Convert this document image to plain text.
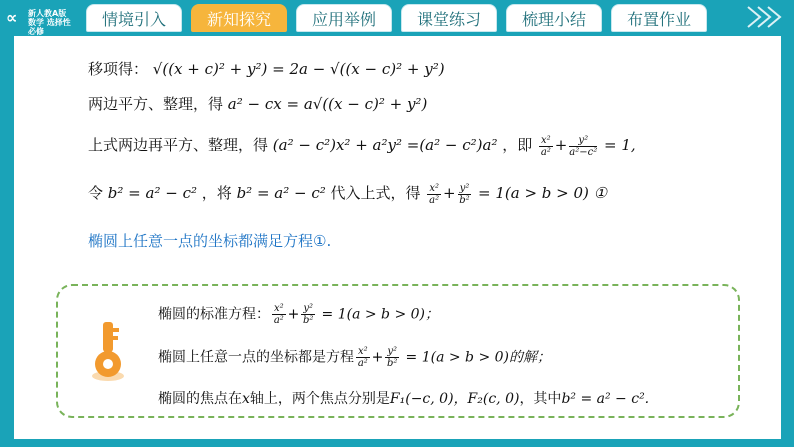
∝ 新人教A版
数学 选择性必修
情境引入	新知探究	应用举例	课堂练习	梳理小结	布置作业
移项得： √((x + c)² + y²) = 2a − √((x − c)² + y²)
两边平方、整理，得 a² − cx = a√((x − c)² + y²)
上式两边再平方、整理，得 (a² − c²)x² + a²y² =(a² − c²)a² ，即 $\frac{\text{x²}}{\text{a²}} + \frac{\text{y²}}{\text{a²−c²}} = 1$,
令 b² = a² − c² ，将 b² = a² − c² 代入上式，得 $\frac{\text{x²}}{\text{a²}} + \frac{\text{y²}}{\text{b²}} = 1(a > b > 0)$ ①
椭圆上任意一点的坐标都满足方程①.
椭圆的标准方程： $\frac{\text{x²}}{\text{a²}} + \frac{\text{y²}}{\text{b²}} = 1(a > b > 0)$；
椭圆上任意一点的坐标都是方程 $\frac{\text{x²}}{\text{a²}} + \frac{\text{y²}}{\text{b²}} = 1(a > b > 0)$的解；
椭圆的焦点在x轴上，两个焦点分别是F₁(−c, 0)，F₂(c, 0)，其中b² = a² − c².
